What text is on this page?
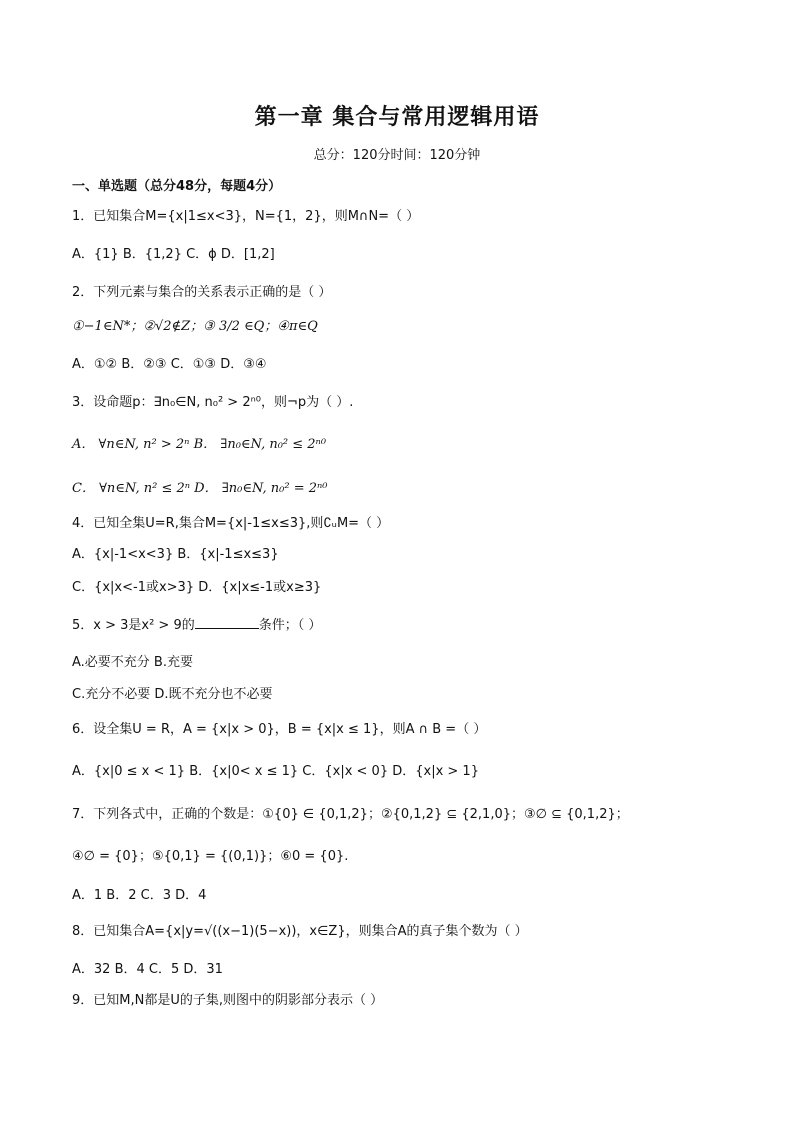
第一章 集合与常用逻辑用语
总分：120分时间：120分钟
一、单选题（总分48分，每题4分）
1．已知集合M={x|1≤x<3}，N={1，2}，则M∩N=（ ）
A．{1} B．{1,2} C．ϕ D．[1,2]
2．下列元素与集合的关系表示正确的是（ ）
①−1∈N*；②√2∉Z；③ 3/2 ∈Q；④π∈Q
A．①② B．②③ C．①③ D．③④
3．设命题p：∃n₀∈N, n₀² > 2ⁿ⁰，则¬p为（ ）.
A． ∀n∈N, n² > 2ⁿ B． ∃n₀∈N, n₀² ≤ 2ⁿ⁰
C． ∀n∈N, n² ≤ 2ⁿ D． ∃n₀∈N, n₀² = 2ⁿ⁰
4．已知全集U=R,集合M={x|-1≤x≤3},则∁ᵤM=（ ）
A．{x|-1<x<3} B．{x|-1≤x≤3}
C．{x|x<-1或x>3} D．{x|x≤-1或x≥3}
5．x > 3是x² > 9的	条件；（ ）
A.必要不充分 B.充要
C.充分不必要 D.既不充分也不必要
6．设全集U = R，A = {x|x > 0}，B = {x|x ≤ 1}，则A ∩ B =（ ）
A．{x|0 ≤ x < 1} B．{x|0< x ≤ 1} C．{x|x < 0} D．{x|x > 1}
7．下列各式中，正确的个数是：①{0} ∈ {0,1,2}；②{0,1,2} ⊆ {2,1,0}；③∅ ⊆ {0,1,2}；
④∅ = {0}；⑤{0,1} = {(0,1)}；⑥0 = {0}.
A．1 B．2 C．3 D．4
8．已知集合A={x|y=√((x−1)(5−x))，x∈Z}，则集合A的真子集个数为（ ）
A．32 B．4 C．5 D．31
9．已知M,N都是U的子集,则图中的阴影部分表示（ ）
